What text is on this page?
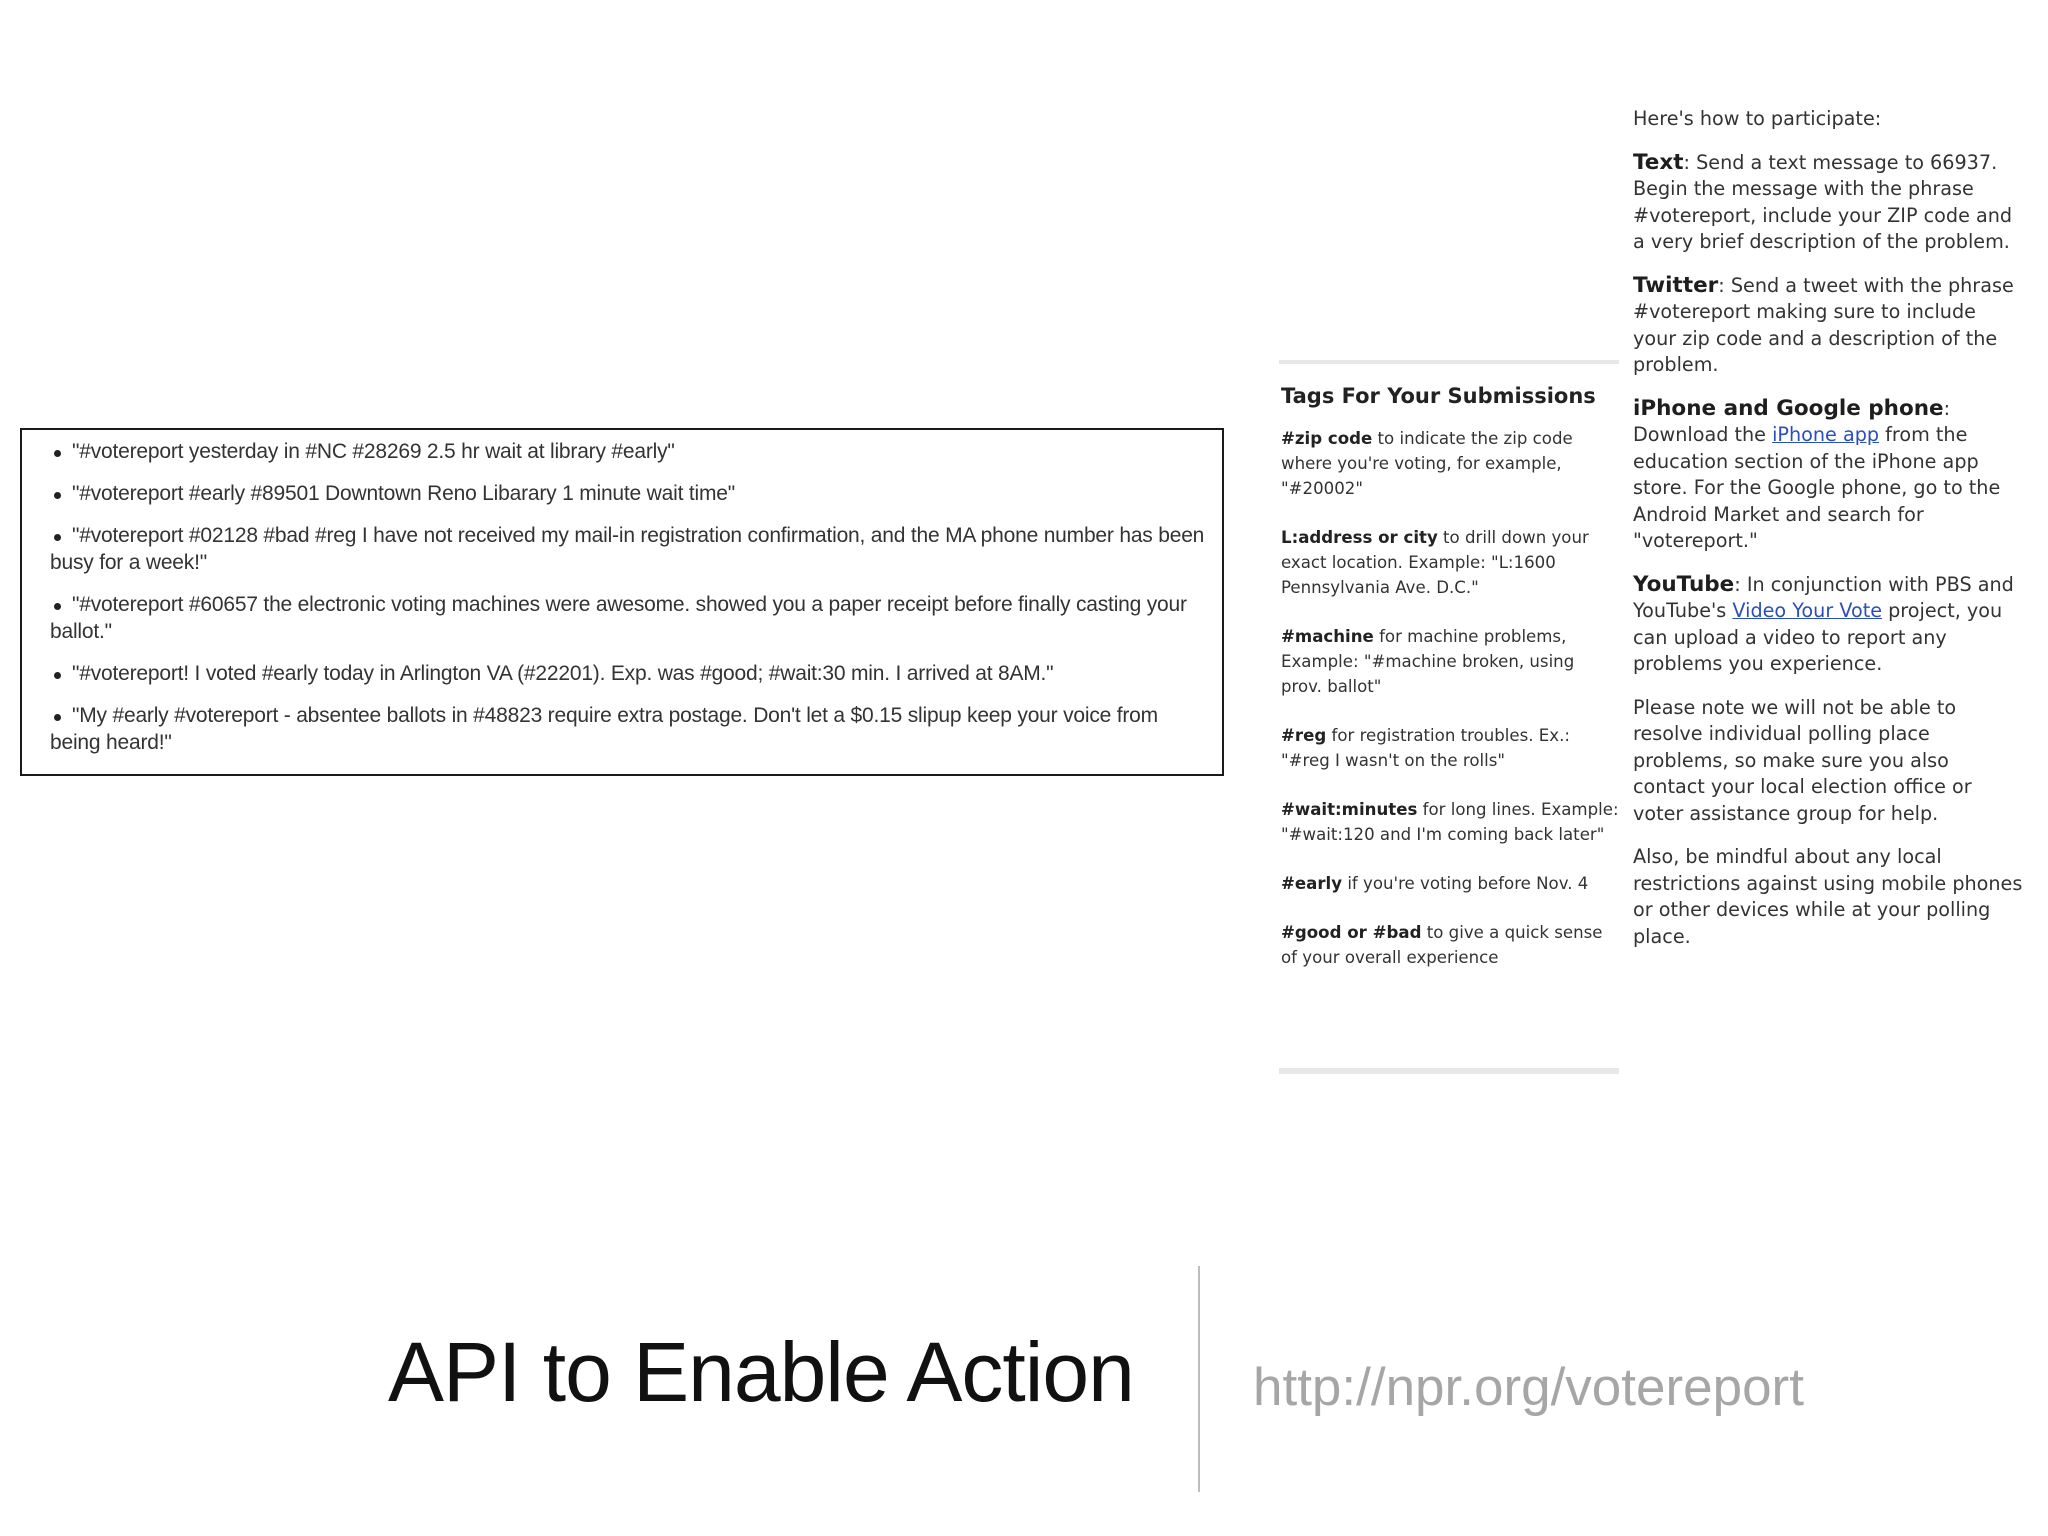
"#votereport yesterday in #NC #28269 2.5 hr wait at library #early"
"#votereport #early #89501 Downtown Reno Libarary 1 minute wait time"
"#votereport #02128 #bad #reg I have not received my mail-in registration confirmation, and the MA phone number has been busy for a week!"
"#votereport #60657 the electronic voting machines were awesome. showed you a paper receipt before finally casting your ballot."
"#votereport! I voted #early today in Arlington VA (#22201). Exp. was #good; #wait:30 min. I arrived at 8AM."
"My #early #votereport - absentee ballots in #48823 require extra postage. Don't let a $0.15 slipup keep your voice from being heard!"
Tags For Your Submissions
#zip code to indicate the zip code where you're voting, for example, "#20002"
L:address or city to drill down your exact location. Example: "L:1600 Pennsylvania Ave. D.C."
#machine for machine problems, Example: "#machine broken, using prov. ballot"
#reg for registration troubles. Ex.: "#reg I wasn't on the rolls"
#wait:minutes for long lines. Example: "#wait:120 and I'm coming back later"
#early if you're voting before Nov. 4
#good or #bad to give a quick sense of your overall experience

Here's how to participate:

Text: Send a text message to 66937. Begin the message with the phrase #votereport, include your ZIP code and a very brief description of the problem.

Twitter: Send a tweet with the phrase #votereport making sure to include your zip code and a description of the problem.

iPhone and Google phone: Download the iPhone app from the education section of the iPhone app store. For the Google phone, go to the Android Market and search for "votereport."

YouTube: In conjunction with PBS and YouTube's Video Your Vote project, you can upload a video to report any problems you experience.

Please note we will not be able to resolve individual polling place problems, so make sure you also contact your local election office or voter assistance group for help.

Also, be mindful about any local restrictions against using mobile phones or other devices while at your polling place.

API to Enable Action http://npr.org/votereport
